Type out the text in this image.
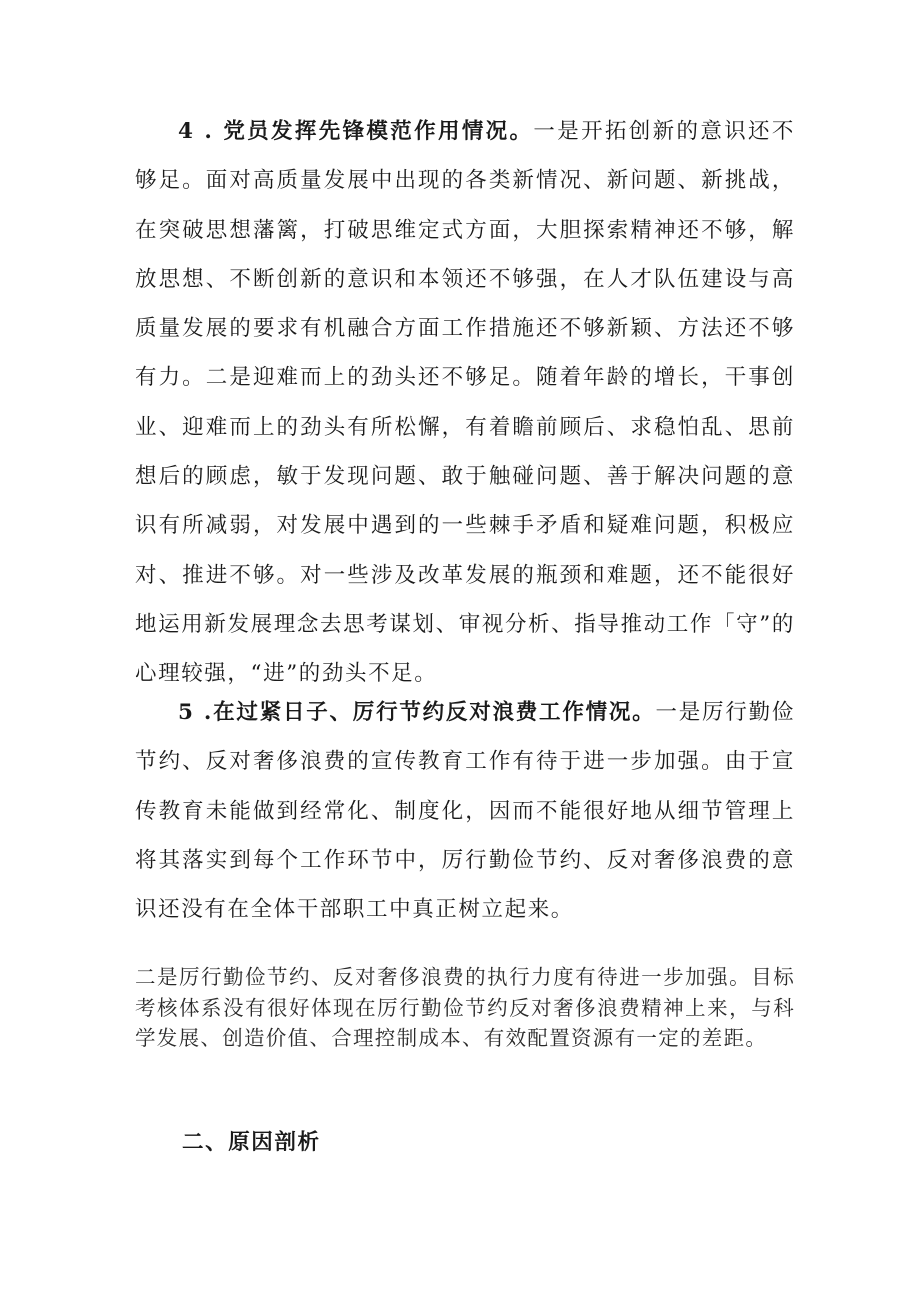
4 . 党员发挥先锋模范作用情况。一是开拓创新的意识还不够足。面对高质量发展中出现的各类新情况、新问题、新挑战，在突破思想藩篱，打破思维定式方面，大胆探索精神还不够，解放思想、不断创新的意识和本领还不够强，在人才队伍建设与高质量发展的要求有机融合方面工作措施还不够新颖、方法还不够有力。二是迎难而上的劲头还不够足。随着年龄的增长，干事创业、迎难而上的劲头有所松懈，有着瞻前顾后、求稳怕乱、思前想后的顾虑，敏于发现问题、敢于触碰问题、善于解决问题的意识有所减弱，对发展中遇到的一些棘手矛盾和疑难问题，积极应对、推进不够。对一些涉及改革发展的瓶颈和难题，还不能很好地运用新发展理念去思考谋划、审视分析、指导推动工作「守”的心理较强，“进”的劲头不足。

5 .在过紧日子、厉行节约反对浪费工作情况。一是厉行勤俭节约、反对奢侈浪费的宣传教育工作有待于进一步加强。由于宣传教育未能做到经常化、制度化，因而不能很好地从细节管理上将其落实到每个工作环节中，厉行勤俭节约、反对奢侈浪费的意识还没有在全体干部职工中真正树立起来。

二是厉行勤俭节约、反对奢侈浪费的执行力度有待进一步加强。目标考核体系没有很好体现在厉行勤俭节约反对奢侈浪费精神上来，与科学发展、创造价值、合理控制成本、有效配置资源有一定的差距。

二、原因剖析
